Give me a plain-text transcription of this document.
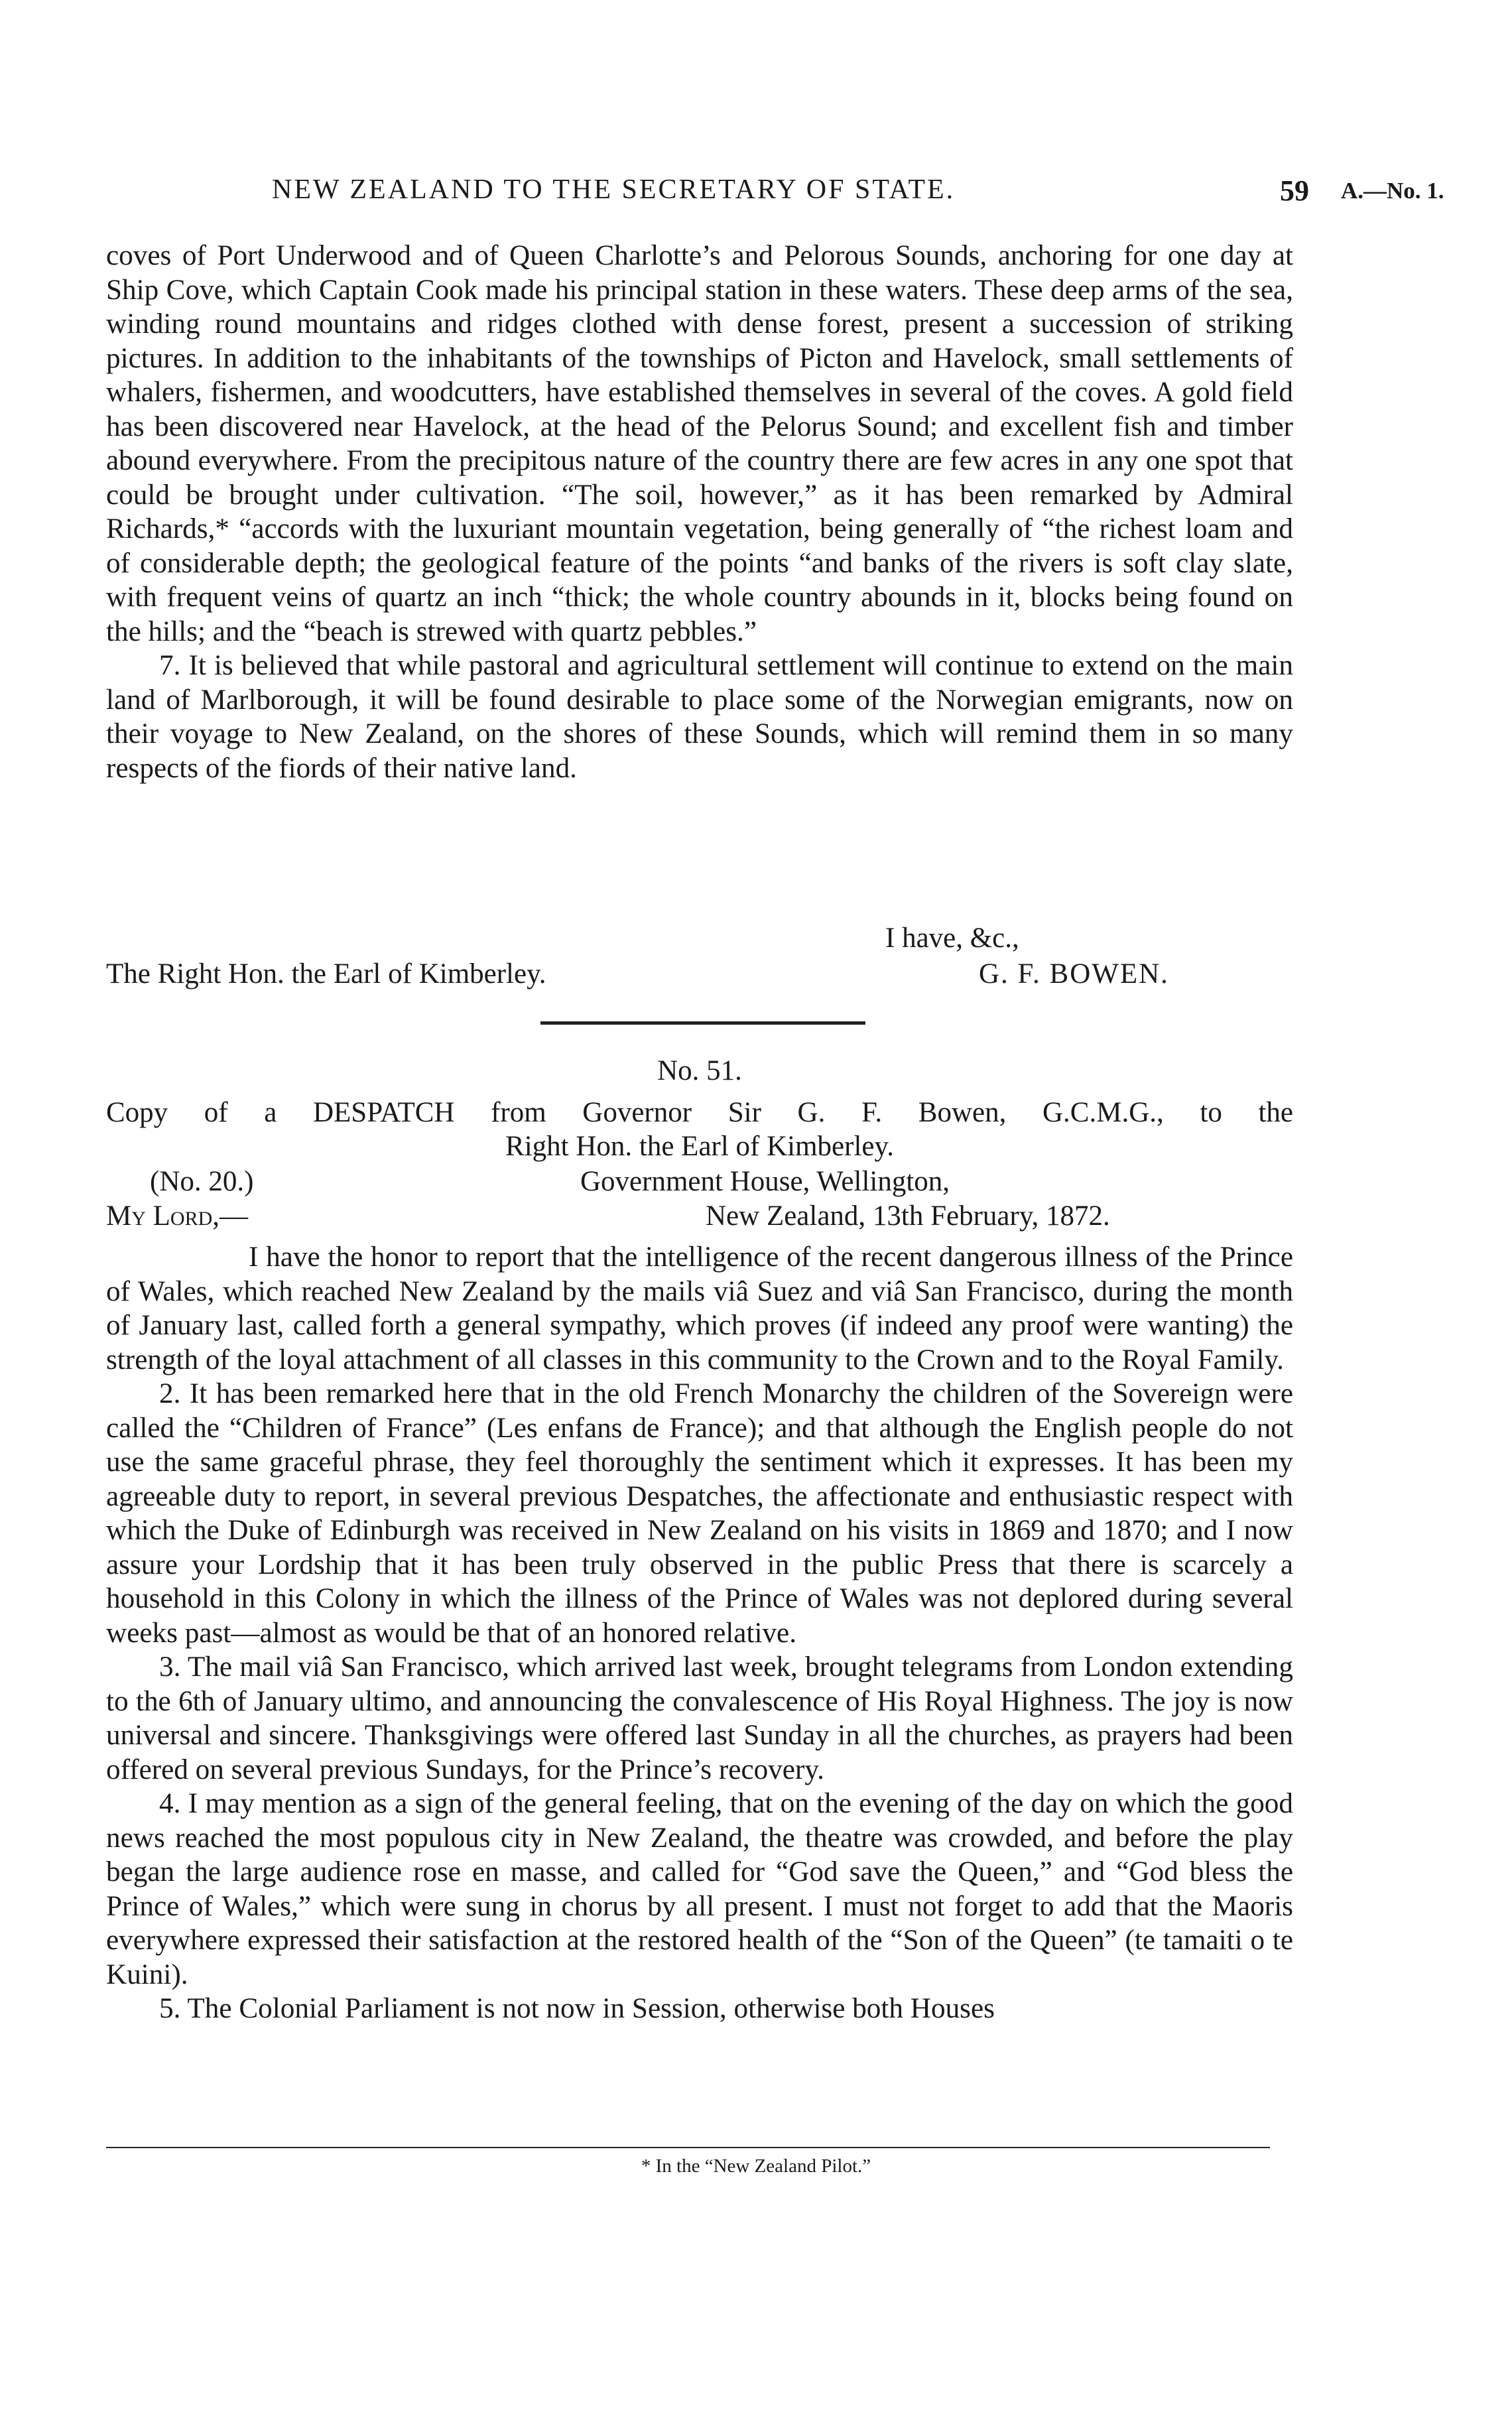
NEW ZEALAND TO THE SECRETARY OF STATE.	59 A.—No. 1.

coves of Port Underwood and of Queen Charlotte’s and Pelorous Sounds, anchoring for one day at Ship Cove, which Captain Cook made his principal station in these waters. These deep arms of the sea, winding round mountains and ridges clothed with dense forest, present a succession of striking pictures. In addition to the inhabitants of the townships of Picton and Havelock, small settlements of whalers, fishermen, and woodcutters, have established themselves in several of the coves. A gold field has been discovered near Havelock, at the head of the Pelorus Sound; and excellent fish and timber abound everywhere. From the precipitous nature of the country there are few acres in any one spot that could be brought under cultivation. “The soil, however,” as it has been remarked by Admiral Richards,* “accords with the luxuriant mountain vegetation, being generally of “the richest loam and of considerable depth; the geological feature of the points “and banks of the rivers is soft clay slate, with frequent veins of quartz an inch “thick; the whole country abounds in it, blocks being found on the hills; and the “beach is strewed with quartz pebbles.”

7. It is believed that while pastoral and agricultural settlement will continue to extend on the main land of Marlborough, it will be found desirable to place some of the Norwegian emigrants, now on their voyage to New Zealand, on the shores of these Sounds, which will remind them in so many respects of the fiords of their native land.

I have, &c.,
The Right Hon. the Earl of Kimberley.	G. F. BOWEN.
No. 51.
Copy of a DESPATCH from Governor Sir G. F. Bowen, G.C.M.G., to the
Right Hon. the Earl of Kimberley.
(No. 20.)	Government House, Wellington,
My Lord,—	New Zealand, 13th February, 1872.

I have the honor to report that the intelligence of the recent dangerous illness of the Prince of Wales, which reached New Zealand by the mails viâ Suez and viâ San Francisco, during the month of January last, called forth a general sympathy, which proves (if indeed any proof were wanting) the strength of the loyal attachment of all classes in this community to the Crown and to the Royal Family.

2. It has been remarked here that in the old French Monarchy the children of the Sovereign were called the “Children of France” (Les enfans de France); and that although the English people do not use the same graceful phrase, they feel thoroughly the sentiment which it expresses. It has been my agreeable duty to report, in several previous Despatches, the affectionate and enthusiastic respect with which the Duke of Edinburgh was received in New Zealand on his visits in 1869 and 1870; and I now assure your Lordship that it has been truly observed in the public Press that there is scarcely a household in this Colony in which the illness of the Prince of Wales was not deplored during several weeks past—almost as would be that of an honored relative.

3. The mail viâ San Francisco, which arrived last week, brought telegrams from London extending to the 6th of January ultimo, and announcing the convalescence of His Royal Highness. The joy is now universal and sincere. Thanksgivings were offered last Sunday in all the churches, as prayers had been offered on several previous Sundays, for the Prince’s recovery.

4. I may mention as a sign of the general feeling, that on the evening of the day on which the good news reached the most populous city in New Zealand, the theatre was crowded, and before the play began the large audience rose en masse, and called for “God save the Queen,” and “God bless the Prince of Wales,” which were sung in chorus by all present. I must not forget to add that the Maoris everywhere expressed their satisfaction at the restored health of the “Son of the Queen” (te tamaiti o te Kuini).

5. The Colonial Parliament is not now in Session, otherwise both Houses

* In the “New Zealand Pilot.”
